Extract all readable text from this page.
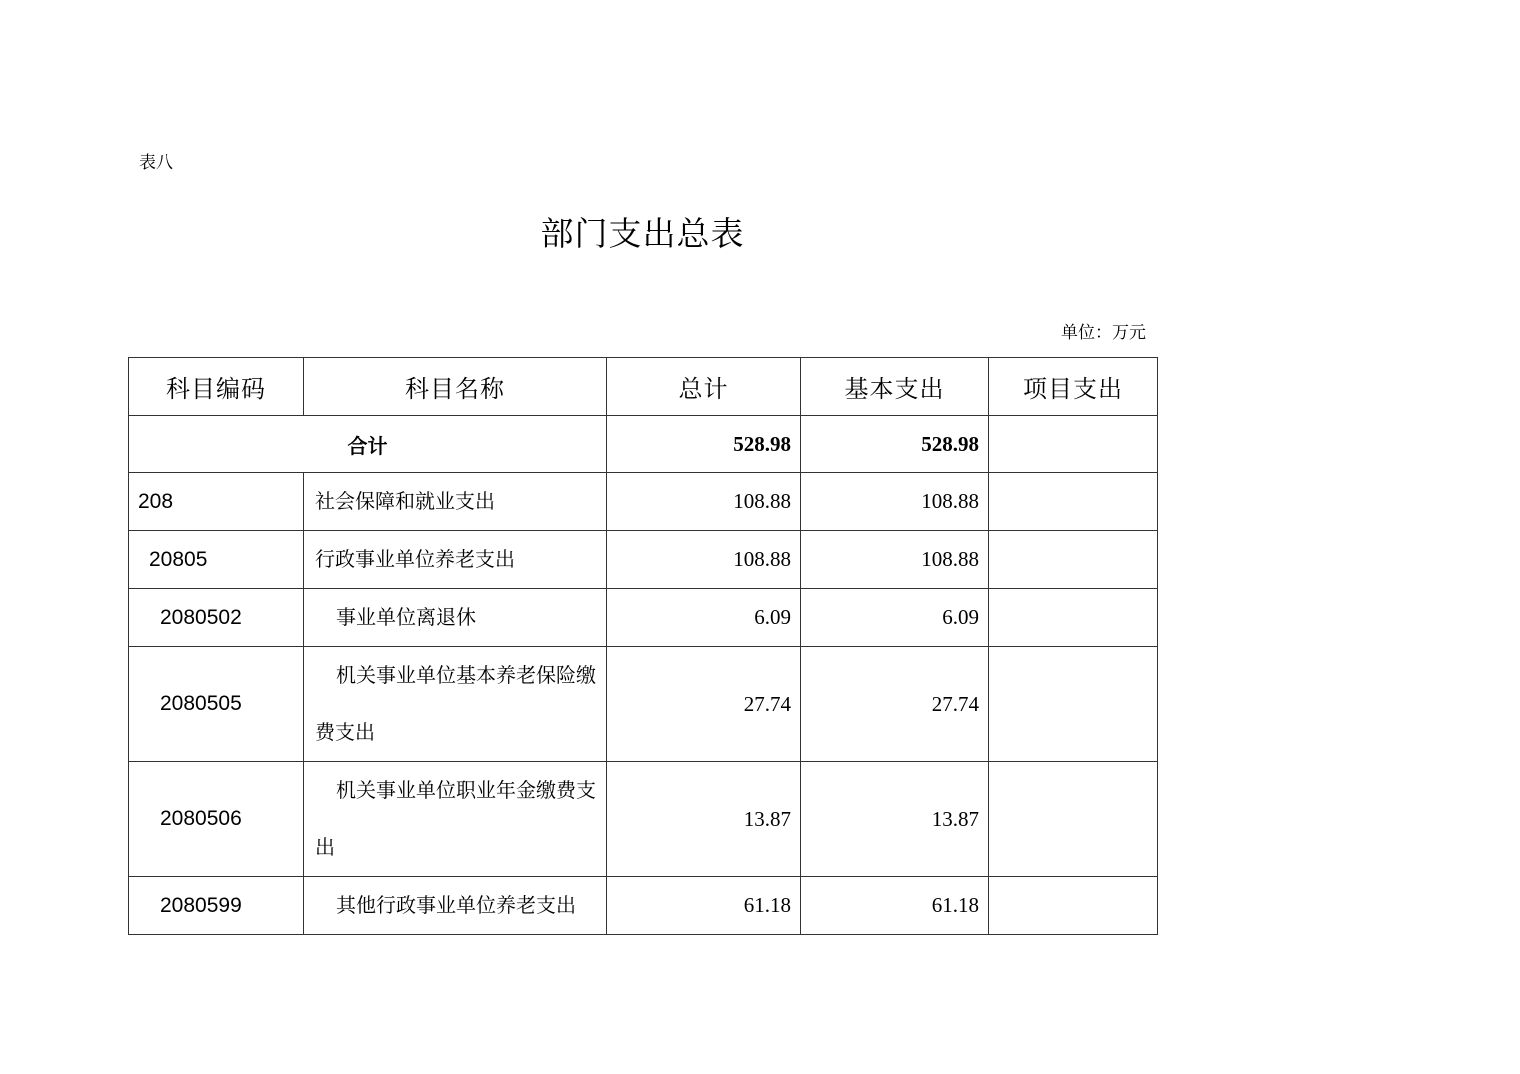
表八
部门支出总表
单位：万元
科目编码	科目名称	总计	基本支出	项目支出
合计		528.98	528.98	
208	社会保障和就业支出	108.88	108.88	
20805	行政事业单位养老支出	108.88	108.88	
2080502	事业单位离退休	6.09	6.09	
2080505	机关事业单位基本养老保险缴费支出	27.74	27.74	
2080506	机关事业单位职业年金缴费支出	13.87	13.87	
2080599	其他行政事业单位养老支出	61.18	61.18	
